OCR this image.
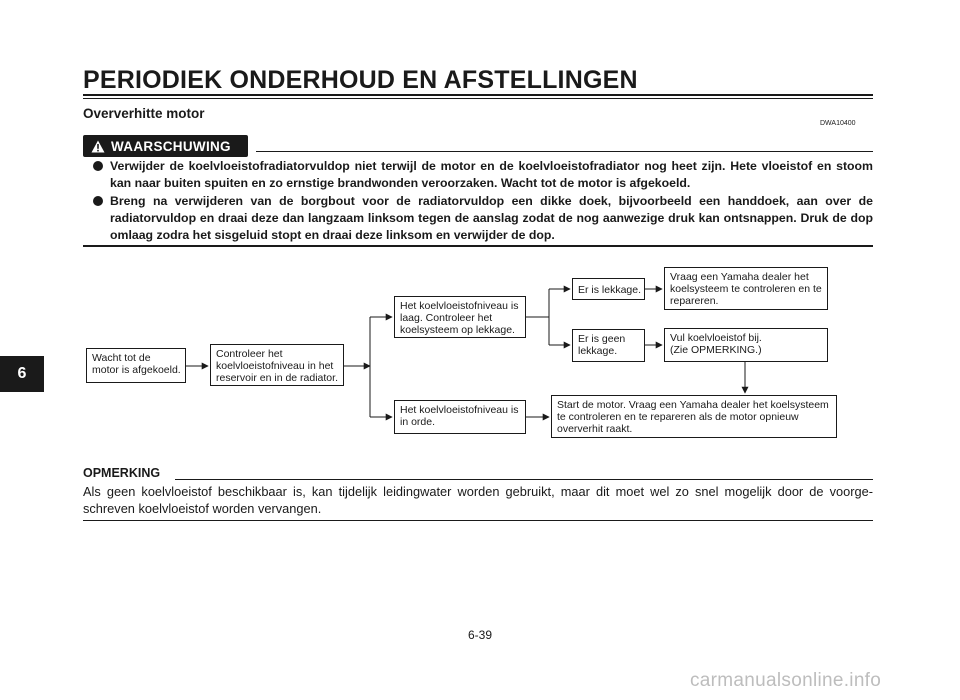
PERIODIEK ONDERHOUD EN AFSTELLINGEN
Oververhitte motor
DWA10400
WAARSCHUWING
Verwijder de koelvloeistofradiatorvuldop niet terwijl de motor en de koelvloeistofradiator nog heet zijn. Hete vloeistof en stoom kan naar buiten spuiten en zo ernstige brandwonden veroorzaken. Wacht tot de motor is afgekoeld.
Breng na verwijderen van de borgbout voor de radiatorvuldop een dikke doek, bijvoorbeeld een handdoek, aan over de radiatorvuldop en draai deze dan langzaam linksom tegen de aanslag zodat de nog aanwezige druk kan ontsnappen. Druk de dop omlaag zodra het sisgeluid stopt en draai deze linksom en verwijder de dop.
Wacht tot de
motor is afgekoeld.
Controleer het
koelvloeistofniveau in het
reservoir en in de radiator.
Het koelvloeistofniveau is
laag. Controleer het
koelsysteem op lekkage.
Het koelvloeistofniveau is
in orde.
Er is lekkage.
Er is geen
lekkage.
Vraag een Yamaha dealer het
koelsysteem te controleren en te
repareren.
Vul koelvloeistof bij.
(Zie OPMERKING.)
Start de motor. Vraag een Yamaha dealer het koelsysteem
te controleren en te repareren als de motor opnieuw
oververhit raakt.
OPMERKING

Als geen koelvloeistof beschikbaar is, kan tijdelijk leidingwater worden gebruikt, maar dit moet wel zo snel mogelijk door de voorge-schreven koelvloeistof worden vervangen.

6
6-39
carmanualsonline.info
